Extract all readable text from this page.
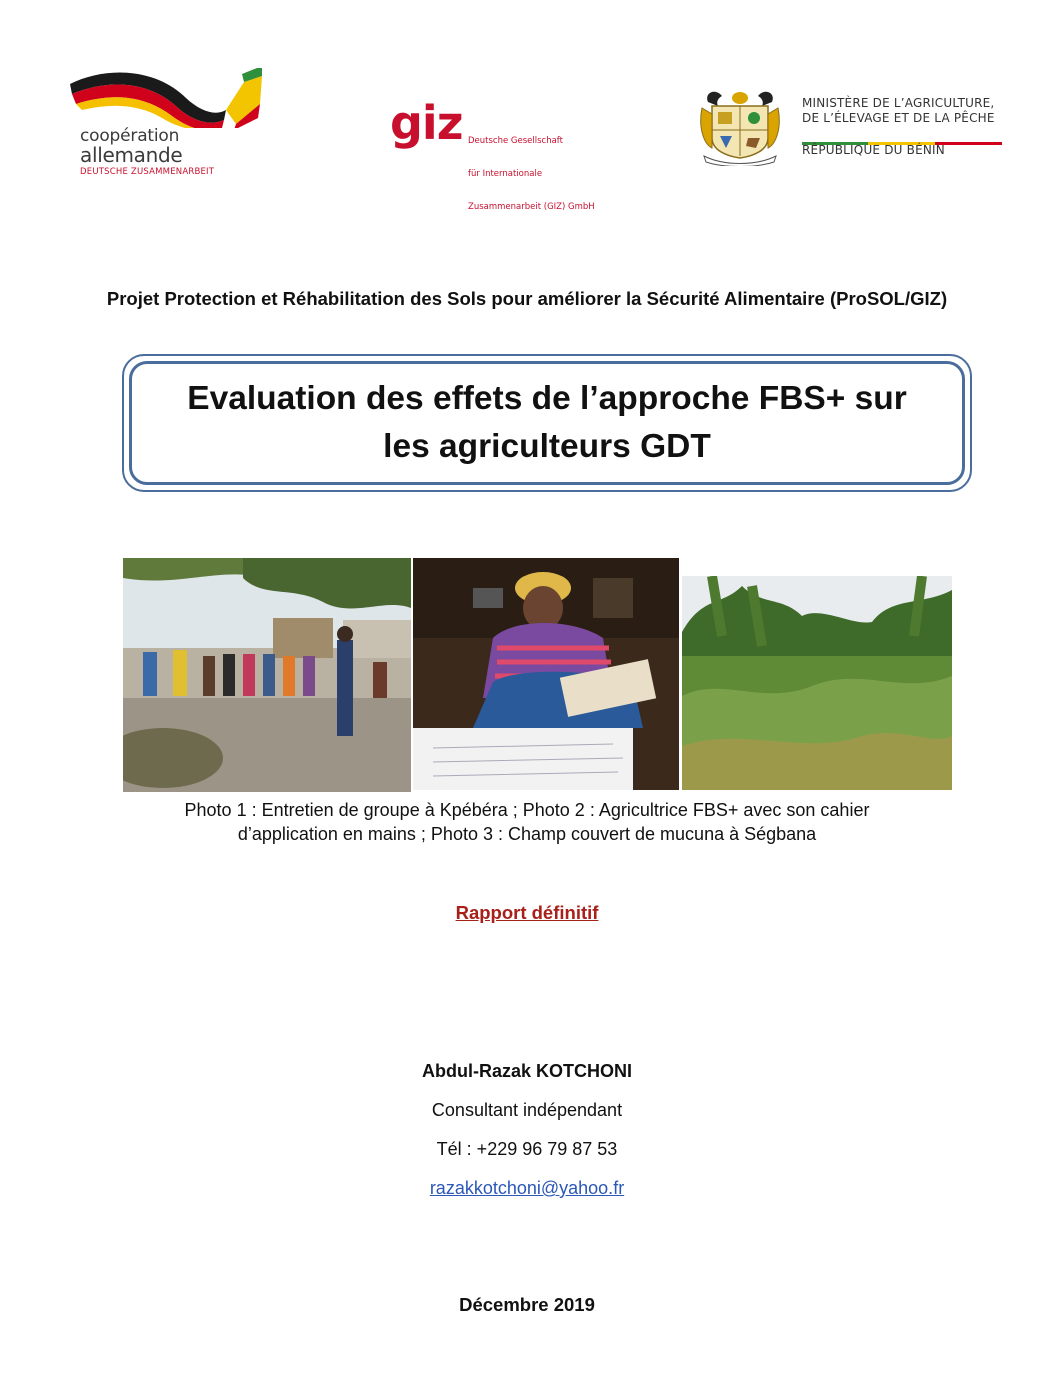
coopération
allemande
DEUTSCHE ZUSAMMENARBEIT
giz

Deutsche Gesellschaft

für Internationale

Zusammenarbeit (GIZ) GmbH

MINISTÈRE DE L’AGRICULTURE,
DE L’ÉLEVAGE ET DE LA PÊCHE
RÉPUBLIQUE DU BÉNIN
Projet Protection et Réhabilitation des Sols pour améliorer la Sécurité Alimentaire (ProSOL/GIZ)
Evaluation des effets de l’approche FBS+ sur
les agriculteurs GDT
Photo 1 : Entretien de groupe à Kpébéra ; Photo 2 : Agricultrice FBS+ avec son cahier
d’application en mains ; Photo 3 : Champ couvert de mucuna à Ségbana
Rapport définitif
Abdul-Razak KOTCHONI
Consultant indépendant
Tél : +229 96 79 87 53
razakkotchoni@yahoo.fr
Décembre 2019
